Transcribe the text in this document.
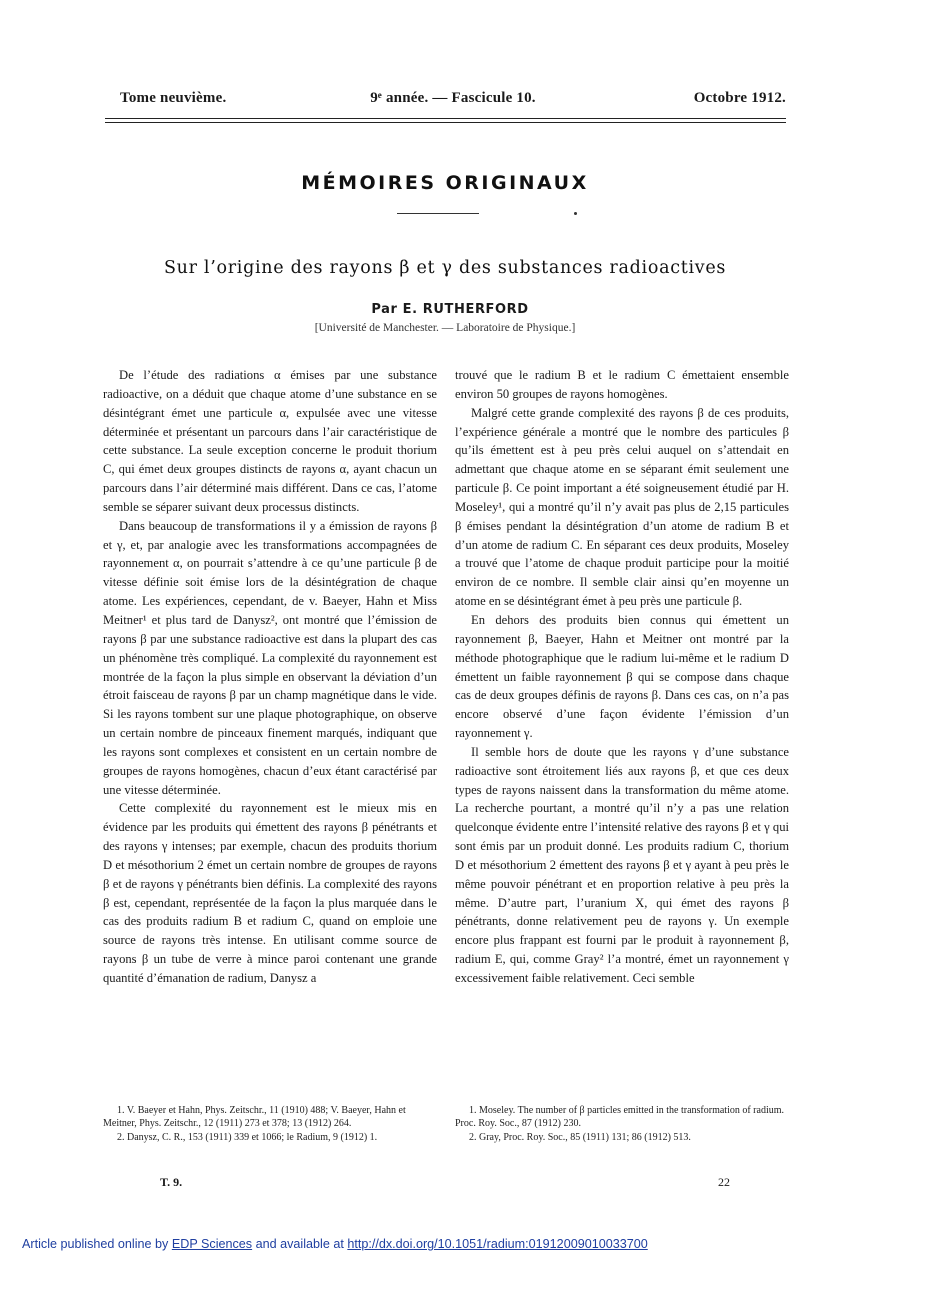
Tome neuvième.	9ᵉ année. — Fascicule 10.	Octobre 1912.
MÉMOIRES ORIGINAUX
Sur l’origine des rayons β et γ des substances radioactives
Par E. RUTHERFORD
[Université de Manchester. — Laboratoire de Physique.]

De l’étude des radiations α émises par une substance radioactive, on a déduit que chaque atome d’une substance en se désintégrant émet une particule α, expulsée avec une vitesse déterminée et présentant un parcours dans l’air caractéristique de cette substance. La seule exception concerne le produit thorium C, qui émet deux groupes distincts de rayons α, ayant chacun un parcours dans l’air déterminé mais différent. Dans ce cas, l’atome semble se séparer suivant deux processus distincts.

Dans beaucoup de transformations il y a émission de rayons β et γ, et, par analogie avec les transformations accompagnées de rayonnement α, on pourrait s’attendre à ce qu’une particule β de vitesse définie soit émise lors de la désintégration de chaque atome. Les expériences, cependant, de v. Baeyer, Hahn et Miss Meitner¹ et plus tard de Danysz², ont montré que l’émission de rayons β par une substance radioactive est dans la plupart des cas un phénomène très compliqué. La complexité du rayonnement est montrée de la façon la plus simple en observant la déviation d’un étroit faisceau de rayons β par un champ magnétique dans le vide. Si les rayons tombent sur une plaque photographique, on observe un certain nombre de pinceaux finement marqués, indiquant que les rayons sont complexes et consistent en un certain nombre de groupes de rayons homogènes, chacun d’eux étant caractérisé par une vitesse déterminée.

Cette complexité du rayonnement est le mieux mis en évidence par les produits qui émettent des rayons β pénétrants et des rayons γ intenses; par exemple, chacun des produits thorium D et mésothorium 2 émet un certain nombre de groupes de rayons β et de rayons γ pénétrants bien définis. La complexité des rayons β est, cependant, représentée de la façon la plus marquée dans le cas des produits radium B et radium C, quand on emploie une source de rayons très intense. En utilisant comme source de rayons β un tube de verre à mince paroi contenant une grande quantité d’émanation de radium, Danysz a

trouvé que le radium B et le radium C émettaient ensemble environ 50 groupes de rayons homogènes.

Malgré cette grande complexité des rayons β de ces produits, l’expérience générale a montré que le nombre des particules β qu’ils émettent est à peu près celui auquel on s’attendait en admettant que chaque atome en se séparant émit seulement une particule β. Ce point important a été soigneusement étudié par H. Moseley¹, qui a montré qu’il n’y avait pas plus de 2,15 particules β émises pendant la désintégration d’un atome de radium B et d’un atome de radium C. En séparant ces deux produits, Moseley a trouvé que l’atome de chaque produit participe pour la moitié environ de ce nombre. Il semble clair ainsi qu’en moyenne un atome en se désintégrant émet à peu près une particule β.

En dehors des produits bien connus qui émettent un rayonnement β, Baeyer, Hahn et Meitner ont montré par la méthode photographique que le radium lui-même et le radium D émettent un faible rayonnement β qui se compose dans chaque cas de deux groupes définis de rayons β. Dans ces cas, on n’a pas encore observé d’une façon évidente l’émission d’un rayonnement γ.

Il semble hors de doute que les rayons γ d’une substance radioactive sont étroitement liés aux rayons β, et que ces deux types de rayons naissent dans la transformation du même atome. La recherche pourtant, a montré qu’il n’y a pas une relation quelconque évidente entre l’intensité relative des rayons β et γ qui sont émis par un produit donné. Les produits radium C, thorium D et mésothorium 2 émettent des rayons β et γ ayant à peu près le même pouvoir pénétrant et en proportion relative à peu près la même. D’autre part, l’uranium X, qui émet des rayons β pénétrants, donne relativement peu de rayons γ. Un exemple encore plus frappant est fourni par le produit à rayonnement β, radium E, qui, comme Gray² l’a montré, émet un rayonnement γ excessivement faible relativement. Ceci semble

1. V. Baeyer et Hahn, Phys. Zeitschr., 11 (1910) 488; V. Baeyer, Hahn et Meitner, Phys. Zeitschr., 12 (1911) 273 et 378; 13 (1912) 264.

2. Danysz, C. R., 153 (1911) 339 et 1066; le Radium, 9 (1912) 1.

1. Moseley. The number of β particles emitted in the transformation of radium. Proc. Roy. Soc., 87 (1912) 230.

2. Gray, Proc. Roy. Soc., 85 (1911) 131; 86 (1912) 513.

T. 9.	22
Article published online by EDP Sciences and available at http://dx.doi.org/10.1051/radium:01912009010033700
